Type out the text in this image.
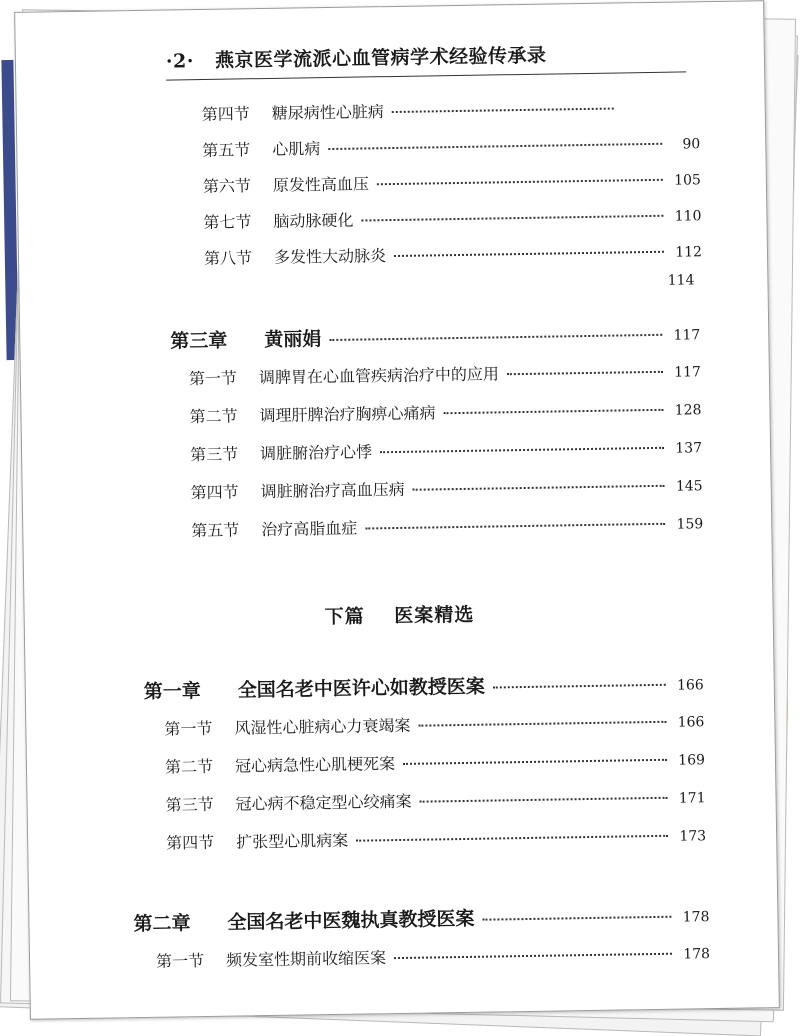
·2· 燕京医学流派心血管病学术经验传承录
第四节	糖尿病性心脏病
第五节	心肌病	90
第六节	原发性高血压	105
第七节	脑动脉硬化	110
第八节	多发性大动脉炎	112
114
第三章	黄丽娟	117
第一节	调脾胃在心血管疾病治疗中的应用	117
第二节	调理肝脾治疗胸痹心痛病	128
第三节	调脏腑治疗心悸	137
第四节	调脏腑治疗高血压病	145
第五节	治疗高脂血症	159
下篇 医案精选
第一章	全国名老中医许心如教授医案	166
第一节	风湿性心脏病心力衰竭案	166
第二节	冠心病急性心肌梗死案	169
第三节	冠心病不稳定型心绞痛案	171
第四节	扩张型心肌病案	173
第二章	全国名老中医魏执真教授医案	178
第一节	频发室性期前收缩医案	178
